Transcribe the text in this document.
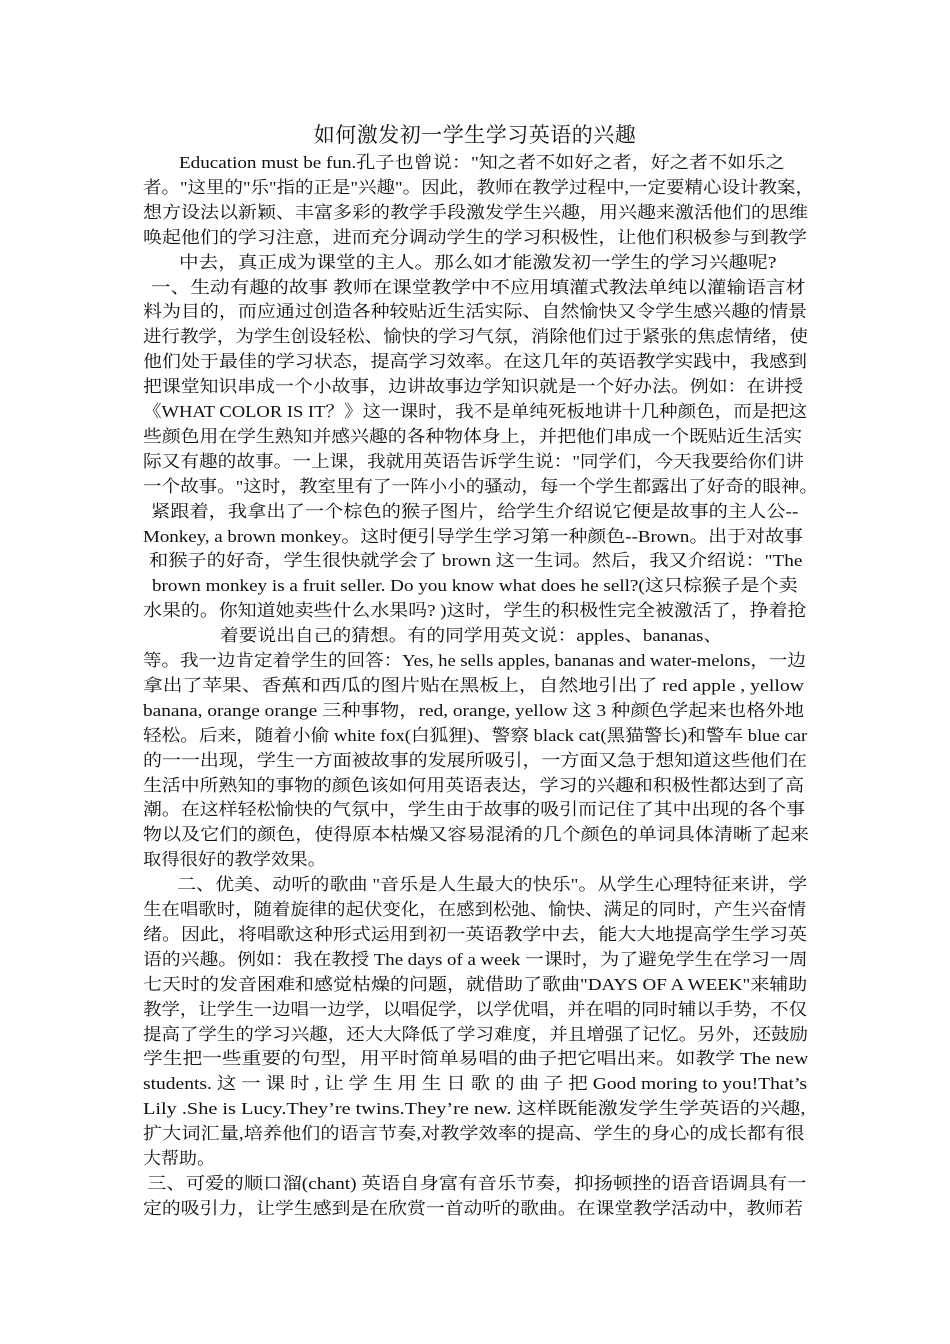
如何激发初一学生学习英语的兴趣
Education must be fun.孔子也曾说："知之者不如好之者，好之者不如乐之
者。"这里的"乐"指的正是"兴趣"。因此，教师在教学过程中,一定要精心设计教案，
想方设法以新颖、丰富多彩的教学手段激发学生兴趣，用兴趣来激活他们的思维
唤起他们的学习注意，进而充分调动学生的学习积极性，让他们积极参与到教学
中去，真正成为课堂的主人。那么如才能激发初一学生的学习兴趣呢?
一、生动有趣的故事 教师在课堂教学中不应用填灌式教法单纯以灌输语言材
料为目的，而应通过创造各种较贴近生活实际、自然愉快又令学生感兴趣的情景
进行教学，为学生创设轻松、愉快的学习气氛，消除他们过于紧张的焦虑情绪，使
他们处于最佳的学习状态，提高学习效率。在这几年的英语教学实践中，我感到
把课堂知识串成一个小故事，边讲故事边学知识就是一个好办法。例如：在讲授
《WHAT COLOR IS IT？》这一课时，我不是单纯死板地讲十几种颜色，而是把这
些颜色用在学生熟知并感兴趣的各种物体身上，并把他们串成一个既贴近生活实
际又有趣的故事。一上课，我就用英语告诉学生说："同学们，今天我要给你们讲
一个故事。"这时，教室里有了一阵小小的骚动，每一个学生都露出了好奇的眼神。
紧跟着，我拿出了一个棕色的猴子图片，给学生介绍说它便是故事的主人公--
Monkey, a brown monkey。这时便引导学生学习第一种颜色--Brown。出于对故事
和猴子的好奇，学生很快就学会了 brown 这一生词。然后，我又介绍说："The
brown monkey is a fruit seller. Do you know what does he sell?(这只棕猴子是个卖
水果的。你知道她卖些什么水果吗? )这时，学生的积极性完全被激活了，挣着抢
着要说出自己的猜想。有的同学用英文说：apples、bananas、
等。我一边肯定着学生的回答：Yes, he sells apples, bananas and water-melons，一边
拿出了苹果、香蕉和西瓜的图片贴在黑板上，自然地引出了 red apple , yellow
banana, orange orange 三种事物，red, orange, yellow 这 3 种颜色学起来也格外地
轻松。后来，随着小偷 white fox(白狐狸)、警察 black cat(黑猫警长)和警车 blue car
的一一出现，学生一方面被故事的发展所吸引，一方面又急于想知道这些他们在
生活中所熟知的事物的颜色该如何用英语表达，学习的兴趣和积极性都达到了高
潮。在这样轻松愉快的气氛中，学生由于故事的吸引而记住了其中出现的各个事
物以及它们的颜色，使得原本枯燥又容易混淆的几个颜色的单词具体清晰了起来
取得很好的教学效果。
二、优美、动听的歌曲 "音乐是人生最大的快乐"。从学生心理特征来讲，学
生在唱歌时，随着旋律的起伏变化，在感到松弛、愉快、满足的同时，产生兴奋情
绪。因此，将唱歌这种形式运用到初一英语教学中去，能大大地提高学生学习英
语的兴趣。例如：我在教授 The days of a week 一课时，为了避免学生在学习一周
七天时的发音困难和感觉枯燥的问题，就借助了歌曲"DAYS OF A WEEK"来辅助
教学，让学生一边唱一边学，以唱促学，以学优唱，并在唱的同时辅以手势，不仅
提高了学生的学习兴趣，还大大降低了学习难度，并且增强了记忆。另外，还鼓励
学生把一些重要的句型，用平时简单易唱的曲子把它唱出来。如教学 The new
students. 这 一 课 时 , 让 学 生 用 生 日 歌 的 曲 子 把 Good moring to you!That’s
Lily .She is Lucy.They’re twins.They’re new. 这样既能激发学生学英语的兴趣,
扩大词汇量,培养他们的语言节奏,对教学效率的提高、学生的身心的成长都有很
大帮助。
三、可爱的顺口溜(chant) 英语自身富有音乐节奏，抑扬顿挫的语音语调具有一
定的吸引力，让学生感到是在欣赏一首动听的歌曲。在课堂教学活动中，教师若
